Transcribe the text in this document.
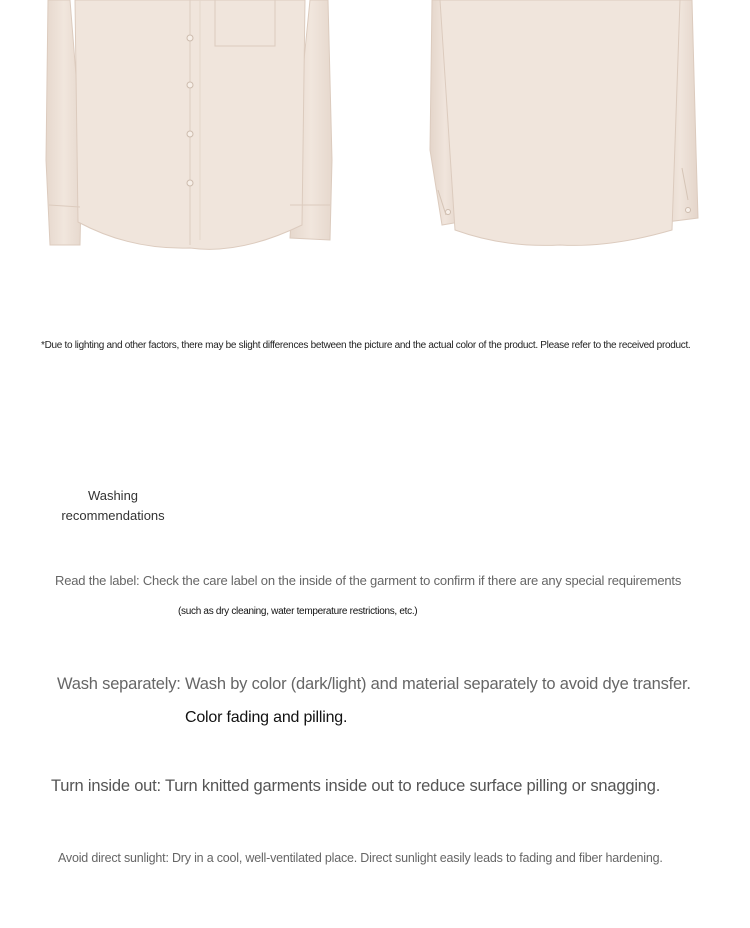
*Due to lighting and other factors, there may be slight differences between the picture and the actual color of the product. Please refer to the received product.
Washing
recommendations
Read the label: Check the care label on the inside of the garment to confirm if there are any special requirements
(such as dry cleaning, water temperature restrictions, etc.)
Wash separately: Wash by color (dark/light) and material separately to avoid dye transfer.
Color fading and pilling.
Turn inside out: Turn knitted garments inside out to reduce surface pilling or snagging.
Avoid direct sunlight: Dry in a cool, well-ventilated place. Direct sunlight easily leads to fading and fiber hardening.
